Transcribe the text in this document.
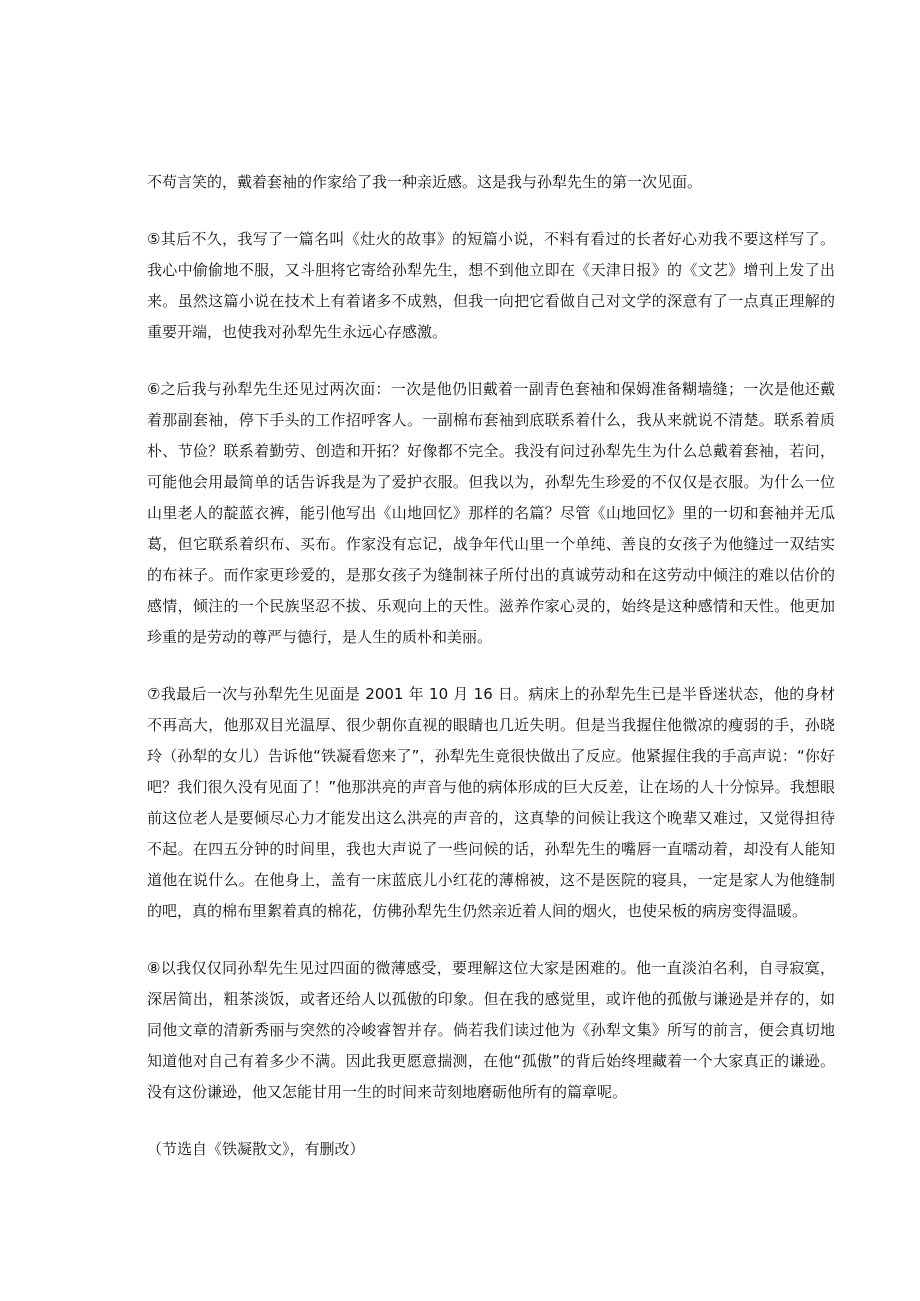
不苟言笑的，戴着套袖的作家给了我一种亲近感。这是我与孙犁先生的第一次见面。

⑤其后不久，我写了一篇名叫《灶火的故事》的短篇小说，不料有看过的长者好心劝我不要这样写了。我心中偷偷地不服，又斗胆将它寄给孙犁先生，想不到他立即在《天津日报》的《文艺》增刊上发了出来。虽然这篇小说在技术上有着诸多不成熟，但我一向把它看做自己对文学的深意有了一点真正理解的重要开端，也使我对孙犁先生永远心存感激。

⑥之后我与孙犁先生还见过两次面：一次是他仍旧戴着一副青色套袖和保姆准备糊墙缝；一次是他还戴着那副套袖，停下手头的工作招呼客人。一副棉布套袖到底联系着什么，我从来就说不清楚。联系着质朴、节俭？联系着勤劳、创造和开拓？好像都不完全。我没有问过孙犁先生为什么总戴着套袖，若问，可能他会用最简单的话告诉我是为了爱护衣服。但我以为，孙犁先生珍爱的不仅仅是衣服。为什么一位山里老人的靛蓝衣裤，能引他写出《山地回忆》那样的名篇？尽管《山地回忆》里的一切和套袖并无瓜葛，但它联系着织布、买布。作家没有忘记，战争年代山里一个单纯、善良的女孩子为他缝过一双结实的布袜子。而作家更珍爱的，是那女孩子为缝制袜子所付出的真诚劳动和在这劳动中倾注的难以估价的感情，倾注的一个民族坚忍不拔、乐观向上的天性。滋养作家心灵的，始终是这种感情和天性。他更加珍重的是劳动的尊严与德行，是人生的质朴和美丽。

⑦我最后一次与孙犁先生见面是 2001 年 10 月 16 日。病床上的孙犁先生已是半昏迷状态，他的身材不再高大，他那双目光温厚、很少朝你直视的眼睛也几近失明。但是当我握住他微凉的瘦弱的手，孙晓玲（孙犁的女儿）告诉他“铁凝看您来了”，孙犁先生竟很快做出了反应。他紧握住我的手高声说：“你好吧？我们很久没有见面了！”他那洪亮的声音与他的病体形成的巨大反差，让在场的人十分惊异。我想眼前这位老人是要倾尽心力才能发出这么洪亮的声音的，这真挚的问候让我这个晚辈又难过，又觉得担待不起。在四五分钟的时间里，我也大声说了一些问候的话，孙犁先生的嘴唇一直嚅动着，却没有人能知道他在说什么。在他身上，盖有一床蓝底儿小红花的薄棉被，这不是医院的寝具，一定是家人为他缝制的吧，真的棉布里絮着真的棉花，仿佛孙犁先生仍然亲近着人间的烟火，也使呆板的病房变得温暖。

⑧以我仅仅同孙犁先生见过四面的微薄感受，要理解这位大家是困难的。他一直淡泊名利，自寻寂寞，深居简出，粗茶淡饭，或者还给人以孤傲的印象。但在我的感觉里，或许他的孤傲与谦逊是并存的，如同他文章的清新秀丽与突然的冷峻睿智并存。倘若我们读过他为《孙犁文集》所写的前言，便会真切地知道他对自己有着多少不满。因此我更愿意揣测，在他“孤傲”的背后始终埋藏着一个大家真正的谦逊。没有这份谦逊，他又怎能甘用一生的时间来苛刻地磨砺他所有的篇章呢。

（节选自《铁凝散文》，有删改）
